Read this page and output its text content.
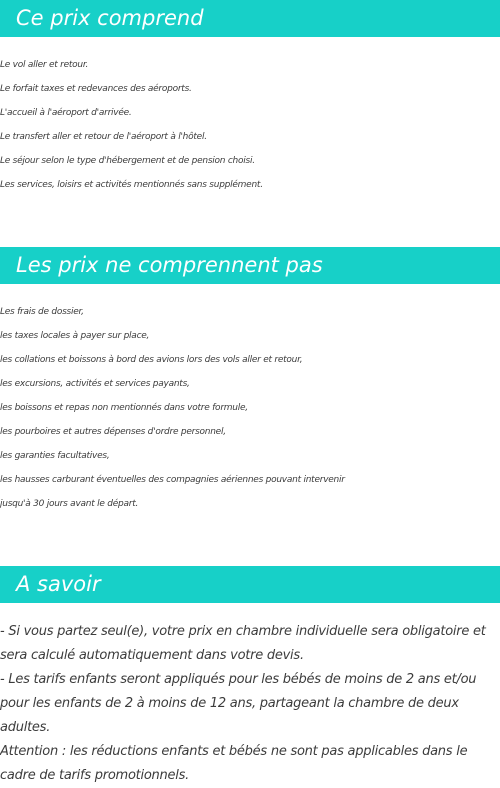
Ce prix comprend
Le vol aller et retour.
Le forfait taxes et redevances des aéroports.
L'accueil à l'aéroport d'arrivée.
Le transfert aller et retour de l'aéroport à l'hôtel.
Le séjour selon le type d'hébergement et de pension choisi.
Les services, loisirs et activités mentionnés sans supplément.
Les prix ne comprennent pas
Les frais de dossier,
les taxes locales à payer sur place,
les collations et boissons à bord des avions lors des vols aller et retour,
les excursions, activités et services payants,
les boissons et repas non mentionnés dans votre formule,
les pourboires et autres dépenses d'ordre personnel,
les garanties facultatives,
les hausses carburant éventuelles des compagnies aériennes pouvant intervenir
jusqu'à 30 jours avant le départ.
A savoir
- Si vous partez seul(e), votre prix en chambre individuelle sera obligatoire et sera calculé automatiquement dans votre devis.
- Les tarifs enfants seront appliqués pour les bébés de moins de 2 ans et/ou pour les enfants de 2 à moins de 12 ans, partageant la chambre de deux adultes.
Attention : les réductions enfants et bébés ne sont pas applicables dans le cadre de tarifs promotionnels.
